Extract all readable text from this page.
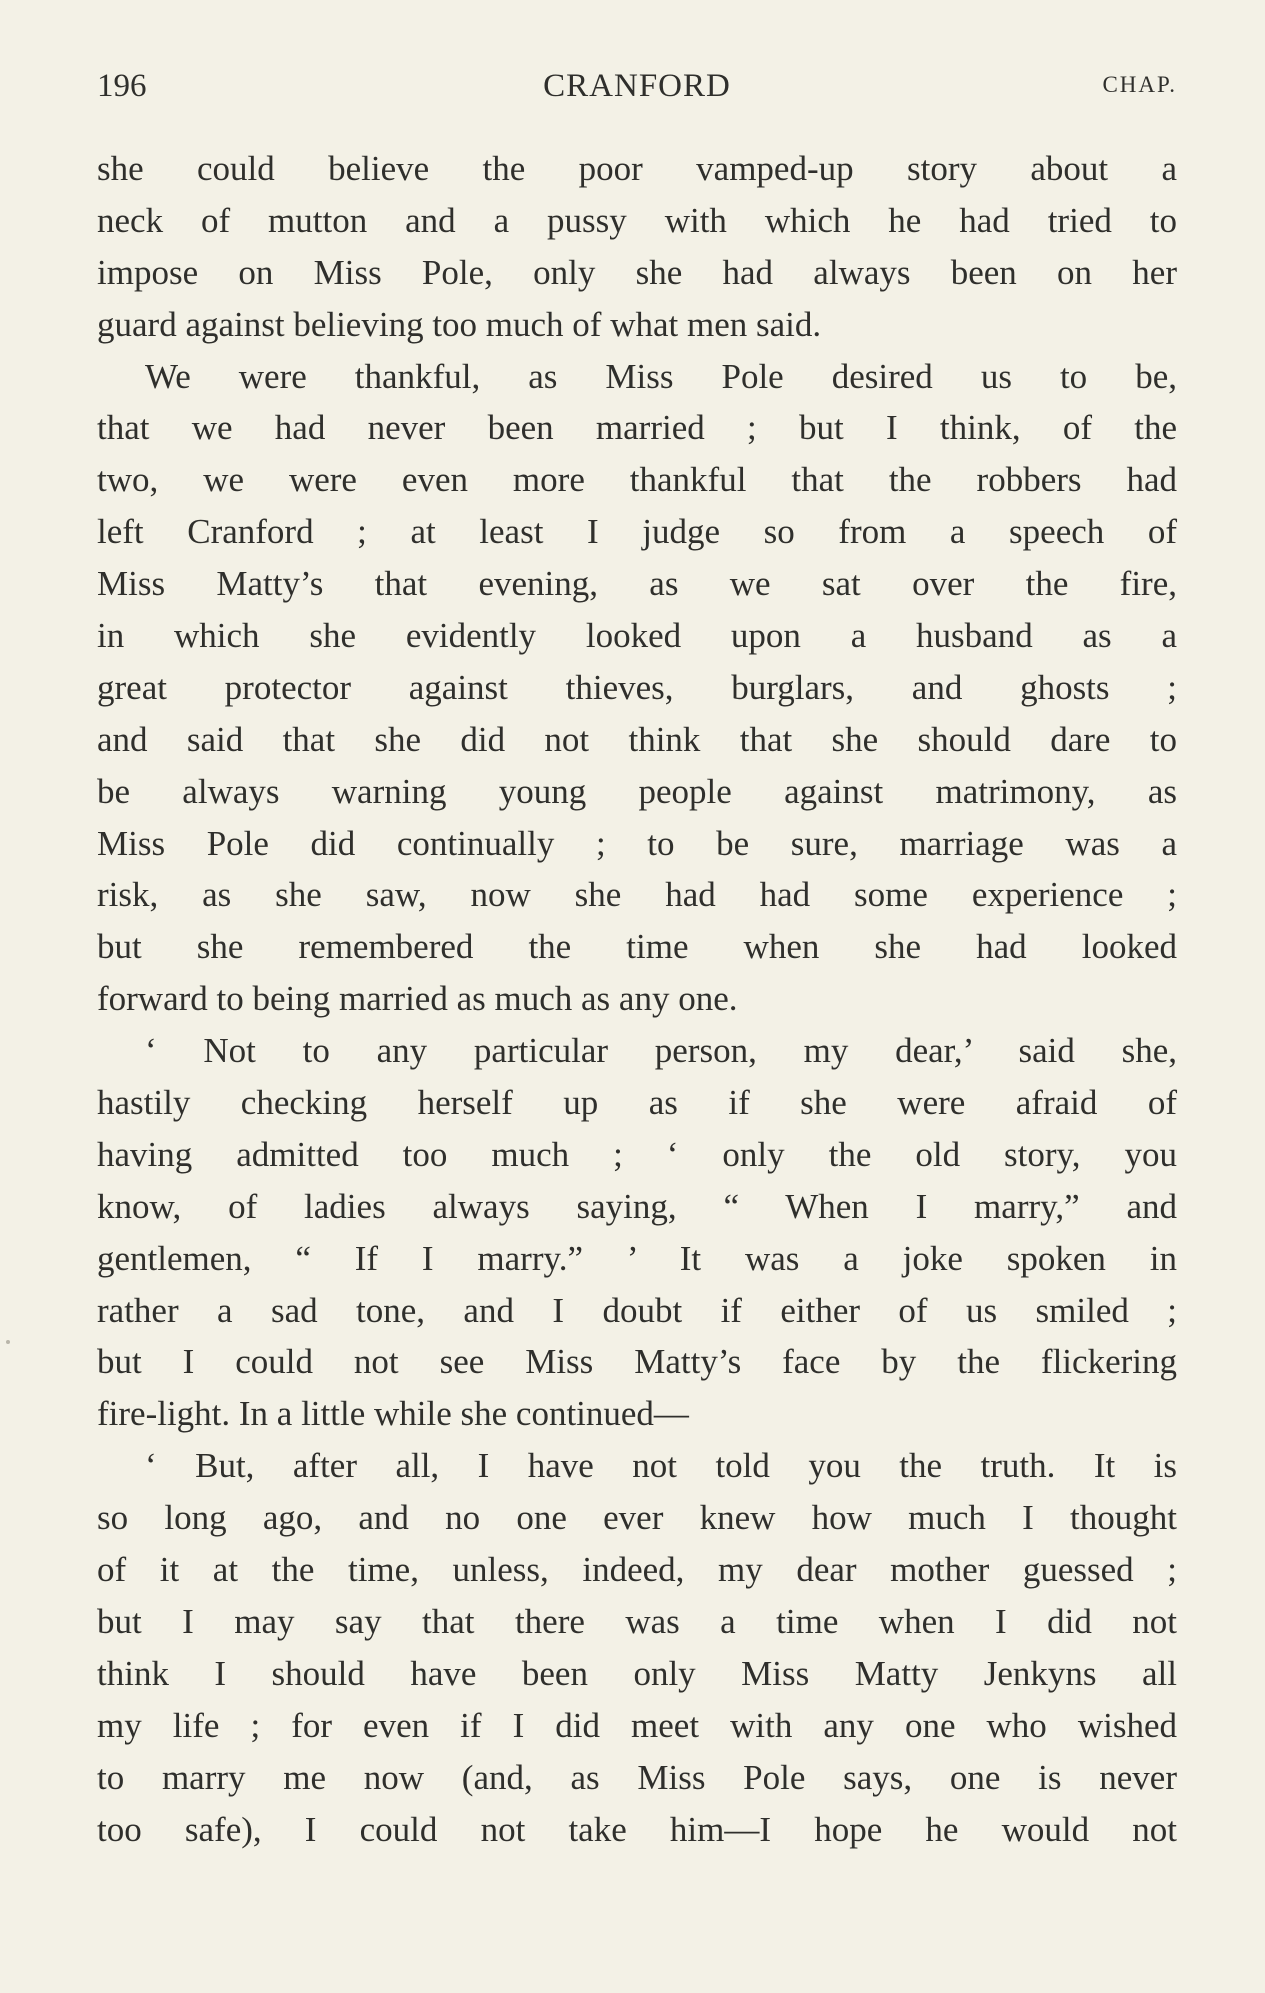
196	CRANFORD	CHAP.
she could believe the poor vamped-up story about a
neck of mutton and a pussy with which he had tried to
impose on Miss Pole, only she had always been on her
guard against believing too much of what men said.
We were thankful, as Miss Pole desired us to be,
that we had never been married ; but I think, of the
two, we were even more thankful that the robbers had
left Cranford ; at least I judge so from a speech of
Miss Matty’s that evening, as we sat over the fire,
in which she evidently looked upon a husband as a
great protector against thieves, burglars, and ghosts ;
and said that she did not think that she should dare to
be always warning young people against matrimony, as
Miss Pole did continually ; to be sure, marriage was a
risk, as she saw, now she had had some experience ;
but she remembered the time when she had looked
forward to being married as much as any one.
‘ Not to any particular person, my dear,’ said she,
hastily checking herself up as if she were afraid of
having admitted too much ; ‘ only the old story, you
know, of ladies always saying, “ When I marry,” and
gentlemen, “ If I marry.” ’ It was a joke spoken in
rather a sad tone, and I doubt if either of us smiled ;
but I could not see Miss Matty’s face by the flickering
fire-light. In a little while she continued—
‘ But, after all, I have not told you the truth. It is
so long ago, and no one ever knew how much I thought
of it at the time, unless, indeed, my dear mother guessed ;
but I may say that there was a time when I did not
think I should have been only Miss Matty Jenkyns all
my life ; for even if I did meet with any one who wished
to marry me now (and, as Miss Pole says, one is never
too safe), I could not take him—I hope he would not
